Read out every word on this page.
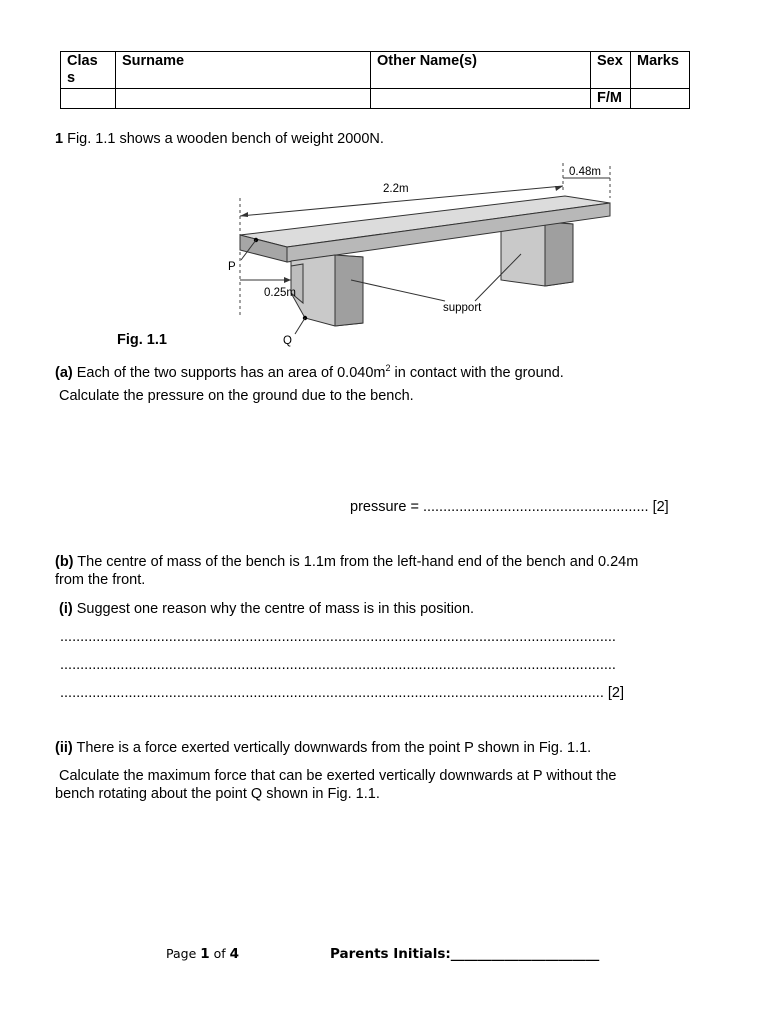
Clas
s	Surname	Other Name(s)	Sex	Marks
			F/M	
1 Fig. 1.1 shows a wooden bench of weight 2000N.
2.2m
0.48m
0.25m
P
Q
support
Fig. 1.1
(a) Each of the two supports has an area of $0.040m^2$ in contact with the ground.
Calculate the pressure on the ground due to the bench.
pressure = ........................................................ [2]
(b) The centre of mass of the bench is 1.1m from the left-hand end of the bench and 0.24m
from the front.
(i) Suggest one reason why the centre of mass is in this position.
..........................................................................................................................................
..........................................................................................................................................
....................................................................................................................................... [2]
(ii) There is a force exerted vertically downwards from the point P shown in Fig. 1.1.
Calculate the maximum force that can be exerted vertically downwards at P without the
bench rotating about the point Q shown in Fig. 1.1.
Page 1 of 4	Parents Initials:______________________
